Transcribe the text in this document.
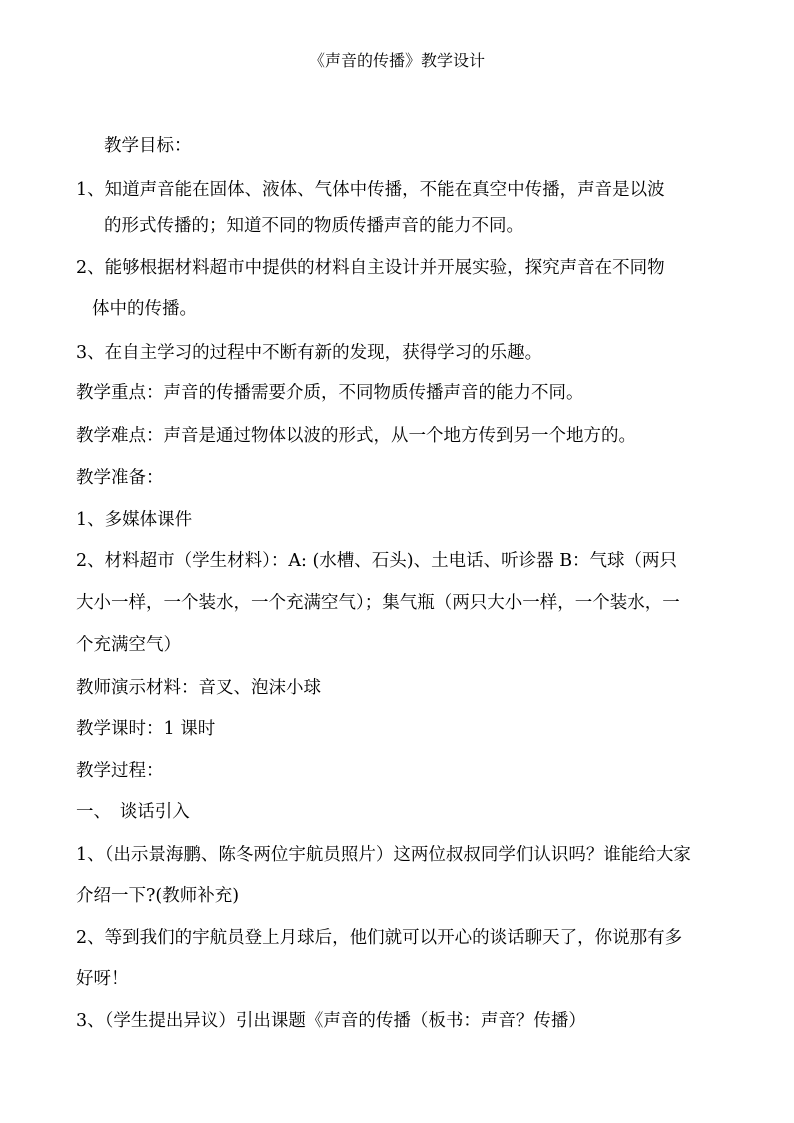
《声音的传播》教学设计
教学目标：
1、知道声音能在固体、液体、气体中传播，不能在真空中传播，声音是以波
的形式传播的；知道不同的物质传播声音的能力不同。
2、能够根据材料超市中提供的材料自主设计并开展实验，探究声音在不同物
体中的传播。
3、在自主学习的过程中不断有新的发现，获得学习的乐趣。
教学重点：声音的传播需要介质，不同物质传播声音的能力不同。
教学难点：声音是通过物体以波的形式，从一个地方传到另一个地方的。
教学准备：
1、多媒体课件
2、材料超市（学生材料）：A: (水槽、石头)、土电话、听诊器 B：气球（两只
大小一样，一个装水，一个充满空气）；集气瓶（两只大小一样，一个装水，一
个充满空气）
教师演示材料：音叉、泡沫小球
教学课时：1 课时
教学过程：
一、　谈话引入
1、（出示景海鹏、陈冬两位宇航员照片）这两位叔叔同学们认识吗？谁能给大家
介绍一下?(教师补充)
2、等到我们的宇航员登上月球后，他们就可以开心的谈话聊天了，你说那有多
好呀！
3、（学生提出异议）引出课题《声音的传播（板书：声音？传播）
